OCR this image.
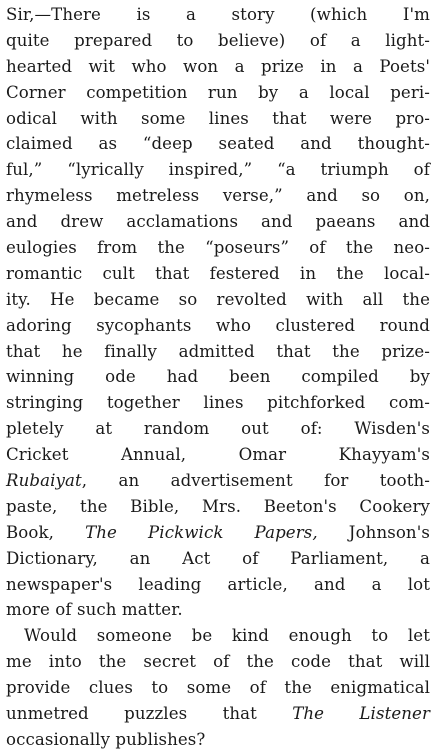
Sir,—There is a story (which I'm
quite prepared to believe) of a light-
hearted wit who won a prize in a Poets'
Corner competition run by a local peri-
odical with some lines that were pro-
claimed as “deep seated and thought-
ful,” “lyrically inspired,” “a triumph of
rhymeless metreless verse,” and so on,
and drew acclamations and paeans and
eulogies from the “poseurs” of the neo-
romantic cult that festered in the local-
ity. He became so revolted with all the
adoring sycophants who clustered round
that he finally admitted that the prize-
winning ode had been compiled by
stringing together lines pitchforked com-
pletely at random out of: Wisden's
Cricket Annual, Omar Khayyam's
Rubaiyat, an advertisement for tooth-
paste, the Bible, Mrs. Beeton's Cookery
Book, The Pickwick Papers, Johnson's
Dictionary, an Act of Parliament, a
newspaper's leading article, and a lot
more of such matter.
Would someone be kind enough to let
me into the secret of the code that will
provide clues to some of the enigmatical
unmetred puzzles that The Listener
occasionally publishes?
